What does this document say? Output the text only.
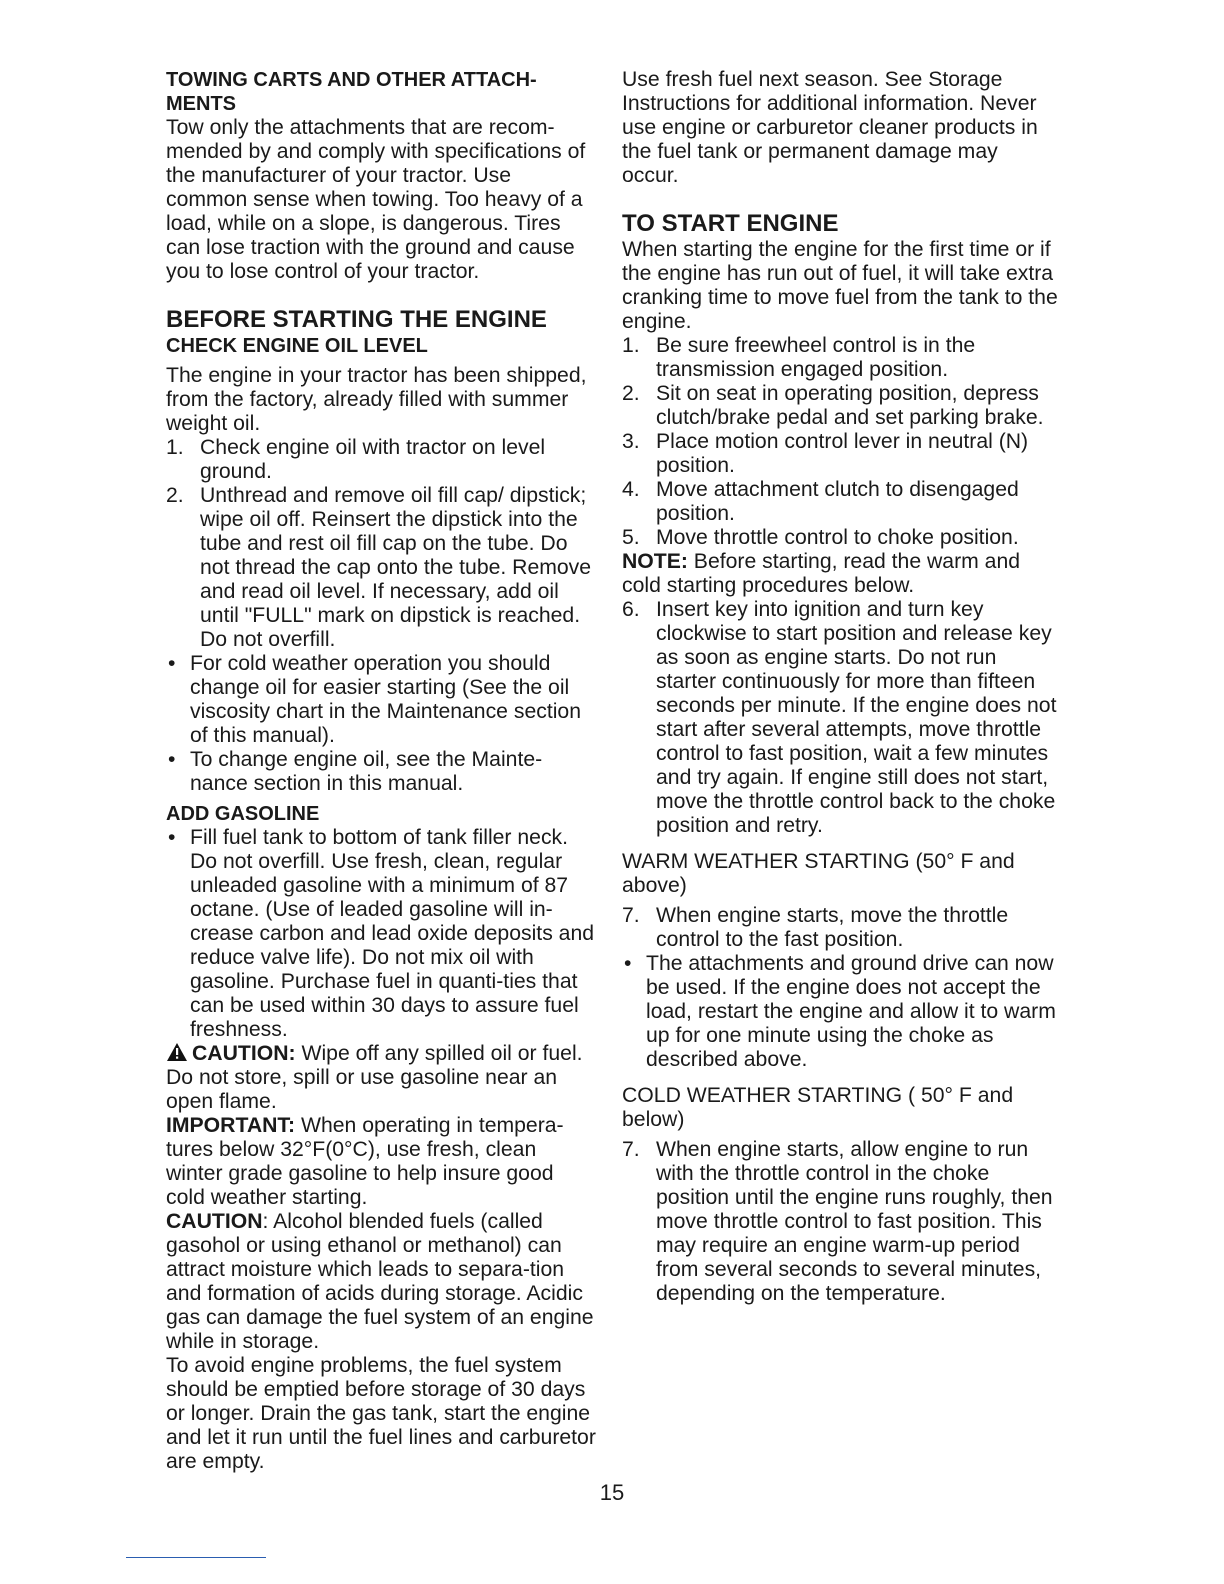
TOWING CARTS AND OTHER ATTACH-MENTS

Tow only the attachments that are recom-mended by and comply with specifications of the manufacturer of your tractor. Use common sense when towing. Too heavy of a load, while on a slope, is dangerous. Tires can lose traction with the ground and cause you to lose control of your tractor.

BEFORE STARTING THE ENGINE

CHECK ENGINE OIL LEVEL

The engine in your tractor has been shipped, from the factory, already filled with summer weight oil.

1. Check engine oil with tractor on level ground.
2. Unthread and remove oil fill cap/ dipstick; wipe oil off. Reinsert the dipstick into the tube and rest oil fill cap on the tube. Do not thread the cap onto the tube. Remove and read oil level. If necessary, add oil until "FULL" mark on dipstick is reached. Do not overfill.
• For cold weather operation you should change oil for easier starting (See the oil viscosity chart in the Maintenance section of this manual).
• To change engine oil, see the Mainte-nance section in this manual.

ADD GASOLINE

• Fill fuel tank to bottom of tank filler neck. Do not overfill. Use fresh, clean, regular unleaded gasoline with a minimum of 87 octane. (Use of leaded gasoline will in-crease carbon and lead oxide deposits and reduce valve life). Do not mix oil with gasoline. Purchase fuel in quanti-ties that can be used within 30 days to assure fuel freshness.

CAUTION: Wipe off any spilled oil or fuel. Do not store, spill or use gasoline near an open flame.

IMPORTANT: When operating in tempera-tures below 32°F(0°C), use fresh, clean winter grade gasoline to help insure good cold weather starting.

CAUTION: Alcohol blended fuels (called gasohol or using ethanol or methanol) can attract moisture which leads to separa-tion and formation of acids during storage. Acidic gas can damage the fuel system of an engine while in storage.

To avoid engine problems, the fuel system should be emptied before storage of 30 days or longer. Drain the gas tank, start the engine and let it run until the fuel lines and carburetor are empty.

Use fresh fuel next season. See Storage Instructions for additional information. Never use engine or carburetor cleaner products in the fuel tank or permanent damage may occur.

TO START ENGINE

When starting the engine for the first time or if the engine has run out of fuel, it will take extra cranking time to move fuel from the tank to the engine.

1. Be sure freewheel control is in the transmission engaged position.
2. Sit on seat in operating position, depress clutch/brake pedal and set parking brake.
3. Place motion control lever in neutral (N) position.
4. Move attachment clutch to disengaged position.
5. Move throttle control to choke position.

NOTE: Before starting, read the warm and cold starting procedures below.

6. Insert key into ignition and turn key clockwise to start position and release key as soon as engine starts. Do not run starter continuously for more than fifteen seconds per minute. If the engine does not start after several attempts, move throttle control to fast position, wait a few minutes and try again. If engine still does not start, move the throttle control back to the choke position and retry.

WARM WEATHER STARTING (50° F and above)

7. When engine starts, move the throttle control to the fast position.
• The attachments and ground drive can now be used. If the engine does not accept the load, restart the engine and allow it to warm up for one minute using the choke as described above.

COLD WEATHER STARTING ( 50° F and below)

7. When engine starts, allow engine to run with the throttle control in the choke position until the engine runs roughly, then move throttle control to fast position. This may require an engine warm-up period from several seconds to several minutes, depending on the temperature.
15
